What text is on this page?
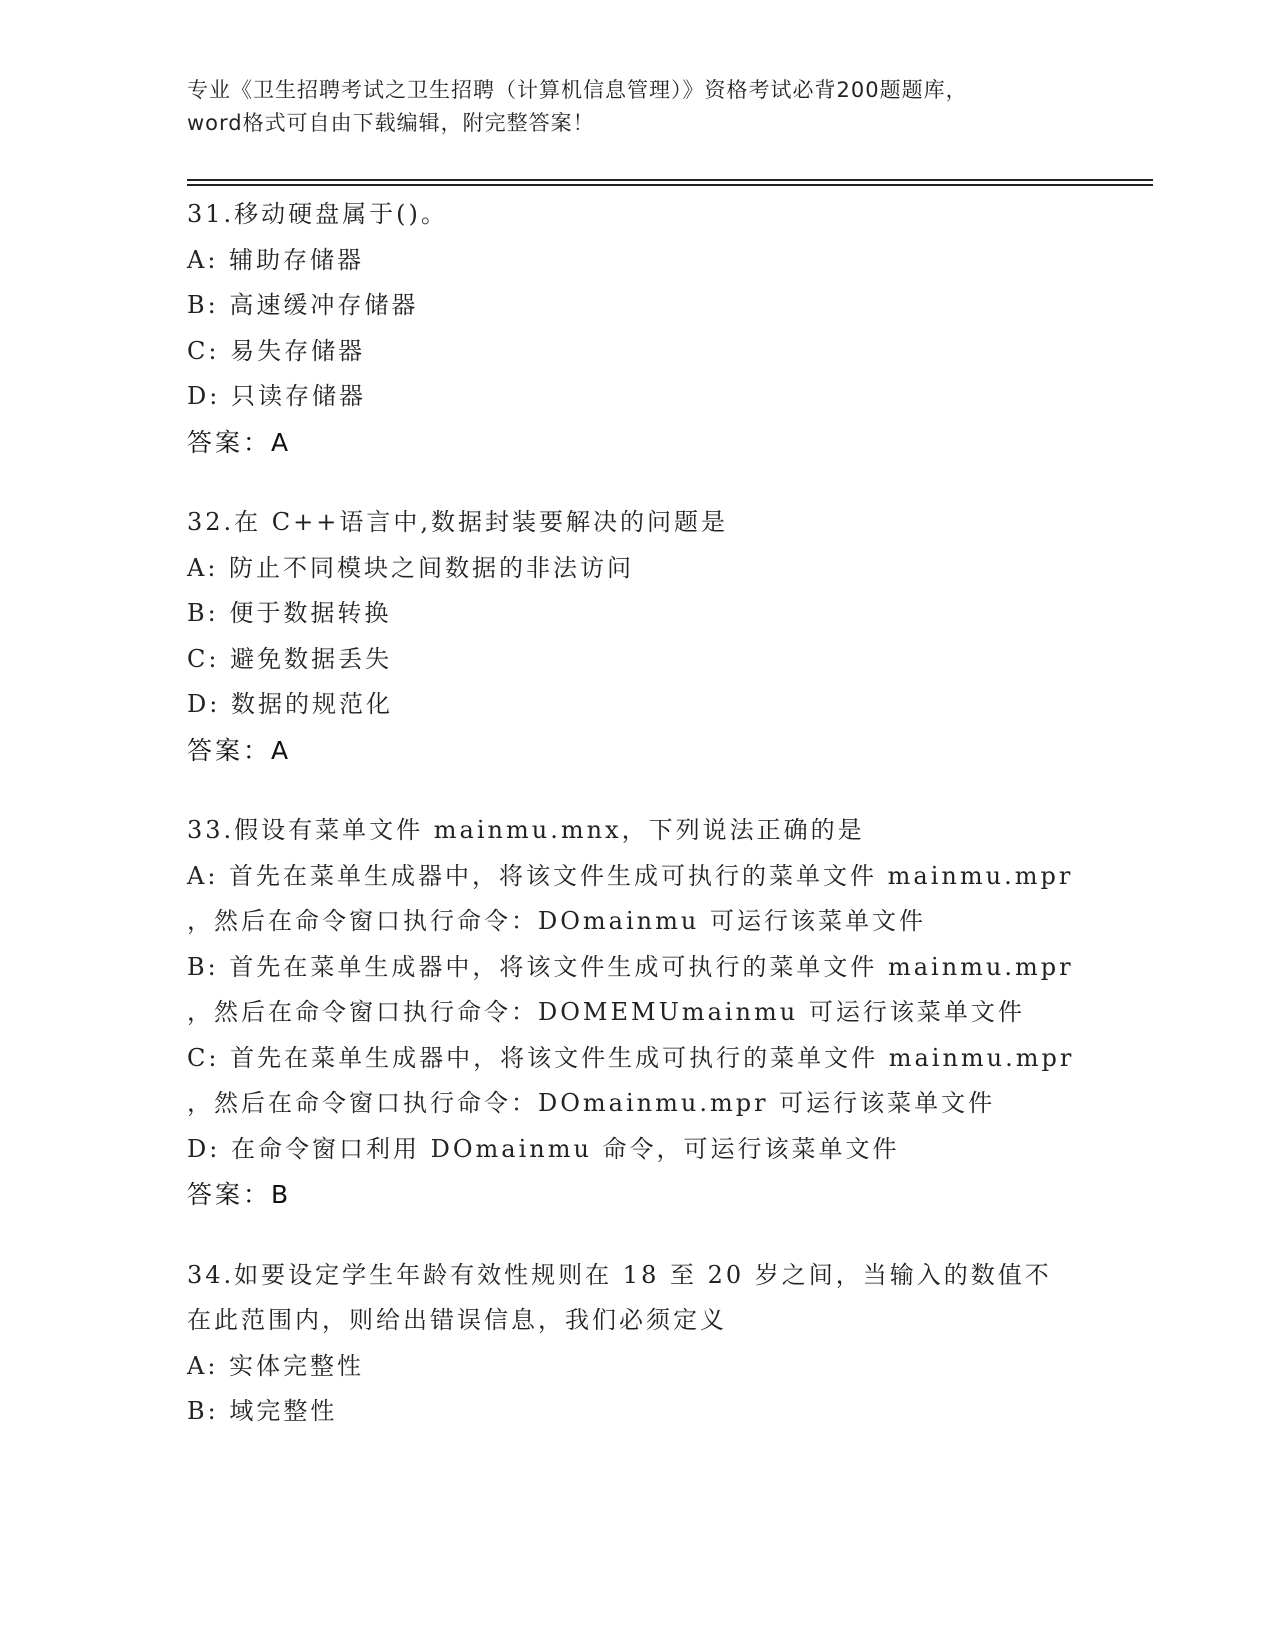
专业《卫生招聘考试之卫生招聘（计算机信息管理）》资格考试必背200题题库，
word格式可自由下载编辑，附完整答案！
31.移动硬盘属于()。
A: 辅助存储器
B: 高速缓冲存储器
C: 易失存储器
D: 只读存储器
答案：A
32.在 C++语言中,数据封装要解决的问题是
A: 防止不同模块之间数据的非法访问
B: 便于数据转换
C: 避免数据丢失
D: 数据的规范化
答案：A
33.假设有菜单文件 mainmu.mnx，下列说法正确的是
A: 首先在菜单生成器中，将该文件生成可执行的菜单文件 mainmu.mpr
，然后在命令窗口执行命令：DOmainmu 可运行该菜单文件
B: 首先在菜单生成器中，将该文件生成可执行的菜单文件 mainmu.mpr
，然后在命令窗口执行命令：DOMEMUmainmu 可运行该菜单文件
C: 首先在菜单生成器中，将该文件生成可执行的菜单文件 mainmu.mpr
，然后在命令窗口执行命令：DOmainmu.mpr 可运行该菜单文件
D: 在命令窗口利用 DOmainmu 命令，可运行该菜单文件
答案：B
34.如要设定学生年龄有效性规则在 18 至 20 岁之间，当输入的数值不
在此范围内，则给出错误信息，我们必须定义
A: 实体完整性
B: 域完整性
